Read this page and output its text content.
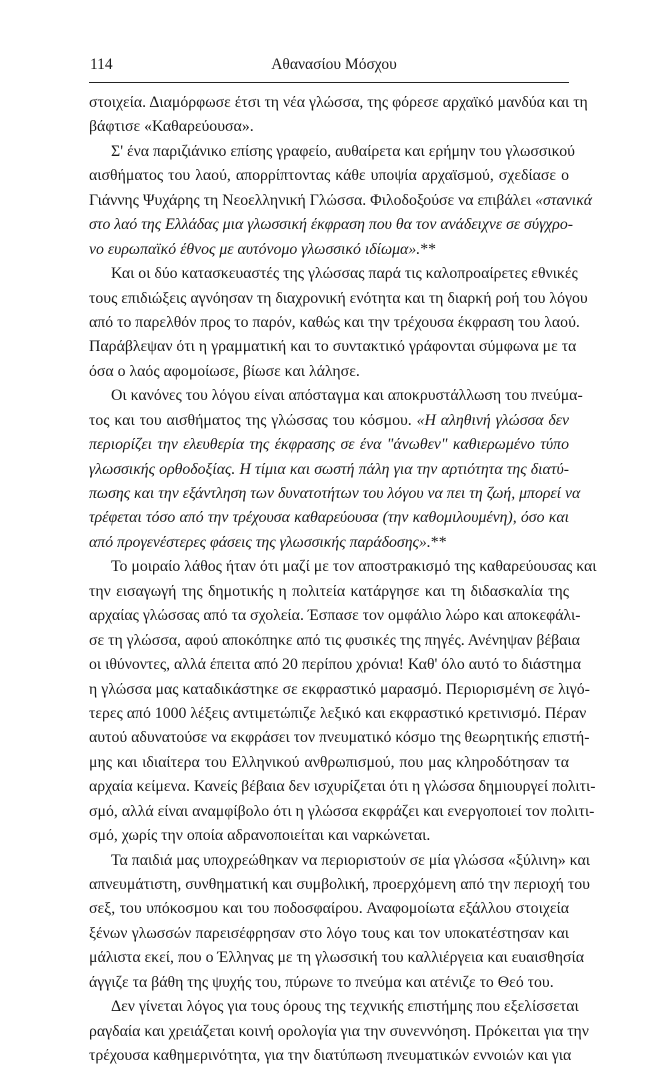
114	Αθανασίου Μόσχου
στοιχεία. Διαμόρφωσε έτσι τη νέα γλώσσα, της φόρεσε αρχαϊκό μανδύα και τη
βάφτισε «Καθαρεύουσα».
Σ' ένα παριζιάνικο επίσης γραφείο, αυθαίρετα και ερήμην του γλωσσικού
αισθήματος του λαού, απορρίπτοντας κάθε υποψία αρχαϊσμού, σχεδίασε ο
Γιάννης Ψυχάρης τη Νεοελληνική Γλώσσα. Φιλοδοξούσε να επιβάλει «στανικά
στο λαό της Ελλάδας μια γλωσσική έκφραση που θα τον ανάδειχνε σε σύγχρο-
νο ευρωπαϊκό έθνος με αυτόνομο γλωσσικό ιδίωμα».**
Και οι δύο κατασκευαστές της γλώσσας παρά τις καλοπροαίρετες εθνικές
τους επιδιώξεις αγνόησαν τη διαχρονική ενότητα και τη διαρκή ροή του λόγου
από το παρελθόν προς το παρόν, καθώς και την τρέχουσα έκφραση του λαού.
Παράβλεψαν ότι η γραμματική και το συντακτικό γράφονται σύμφωνα με τα
όσα ο λαός αφομοίωσε, βίωσε και λάλησε.
Οι κανόνες του λόγου είναι απόσταγμα και αποκρυστάλλωση του πνεύμα-
τος και του αισθήματος της γλώσσας του κόσμου. «Η αληθινή γλώσσα δεν
περιορίζει την ελευθερία της έκφρασης σε ένα "άνωθεν" καθιερωμένο τύπο
γλωσσικής ορθοδοξίας. Η τίμια και σωστή πάλη για την αρτιότητα της διατύ-
πωσης και την εξάντληση των δυνατοτήτων του λόγου να πει τη ζωή, μπορεί να
τρέφεται τόσο από την τρέχουσα καθαρεύουσα (την καθομιλουμένη), όσο και
από προγενέστερες φάσεις της γλωσσικής παράδοσης».**
Το μοιραίο λάθος ήταν ότι μαζί με τον αποστρακισμό της καθαρεύουσας και
την εισαγωγή της δημοτικής η πολιτεία κατάργησε και τη διδασκαλία της
αρχαίας γλώσσας από τα σχολεία. Έσπασε τον ομφάλιο λώρο και αποκεφάλι-
σε τη γλώσσα, αφού αποκόπηκε από τις φυσικές της πηγές. Ανένηψαν βέβαια
οι ιθύνοντες, αλλά έπειτα από 20 περίπου χρόνια! Καθ' όλο αυτό το διάστημα
η γλώσσα μας καταδικάστηκε σε εκφραστικό μαρασμό. Περιορισμένη σε λιγό-
τερες από 1000 λέξεις αντιμετώπιζε λεξικό και εκφραστικό κρετινισμό. Πέραν
αυτού αδυνατούσε να εκφράσει τον πνευματικό κόσμο της θεωρητικής επιστή-
μης και ιδιαίτερα του Ελληνικού ανθρωπισμού, που μας κληροδότησαν τα
αρχαία κείμενα. Κανείς βέβαια δεν ισχυρίζεται ότι η γλώσσα δημιουργεί πολιτι-
σμό, αλλά είναι αναμφίβολο ότι η γλώσσα εκφράζει και ενεργοποιεί τον πολιτι-
σμό, χωρίς την οποία αδρανοποιείται και ναρκώνεται.
Τα παιδιά μας υποχρεώθηκαν να περιοριστούν σε μία γλώσσα «ξύλινη» και
απνευμάτιστη, συνθηματική και συμβολική, προερχόμενη από την περιοχή του
σεξ, του υπόκοσμου και του ποδοσφαίρου. Αναφομοίωτα εξάλλου στοιχεία
ξένων γλωσσών παρεισέφρησαν στο λόγο τους και τον υποκατέστησαν και
μάλιστα εκεί, που ο Έλληνας με τη γλωσσική του καλλιέργεια και ευαισθησία
άγγιζε τα βάθη της ψυχής του, πύρωνε το πνεύμα και ατένιζε το Θεό του.
Δεν γίνεται λόγος για τους όρους της τεχνικής επιστήμης που εξελίσσεται
ραγδαία και χρειάζεται κοινή ορολογία για την συνεννόηση. Πρόκειται για την
τρέχουσα καθημερινότητα, για την διατύπωση πνευματικών εννοιών και για
